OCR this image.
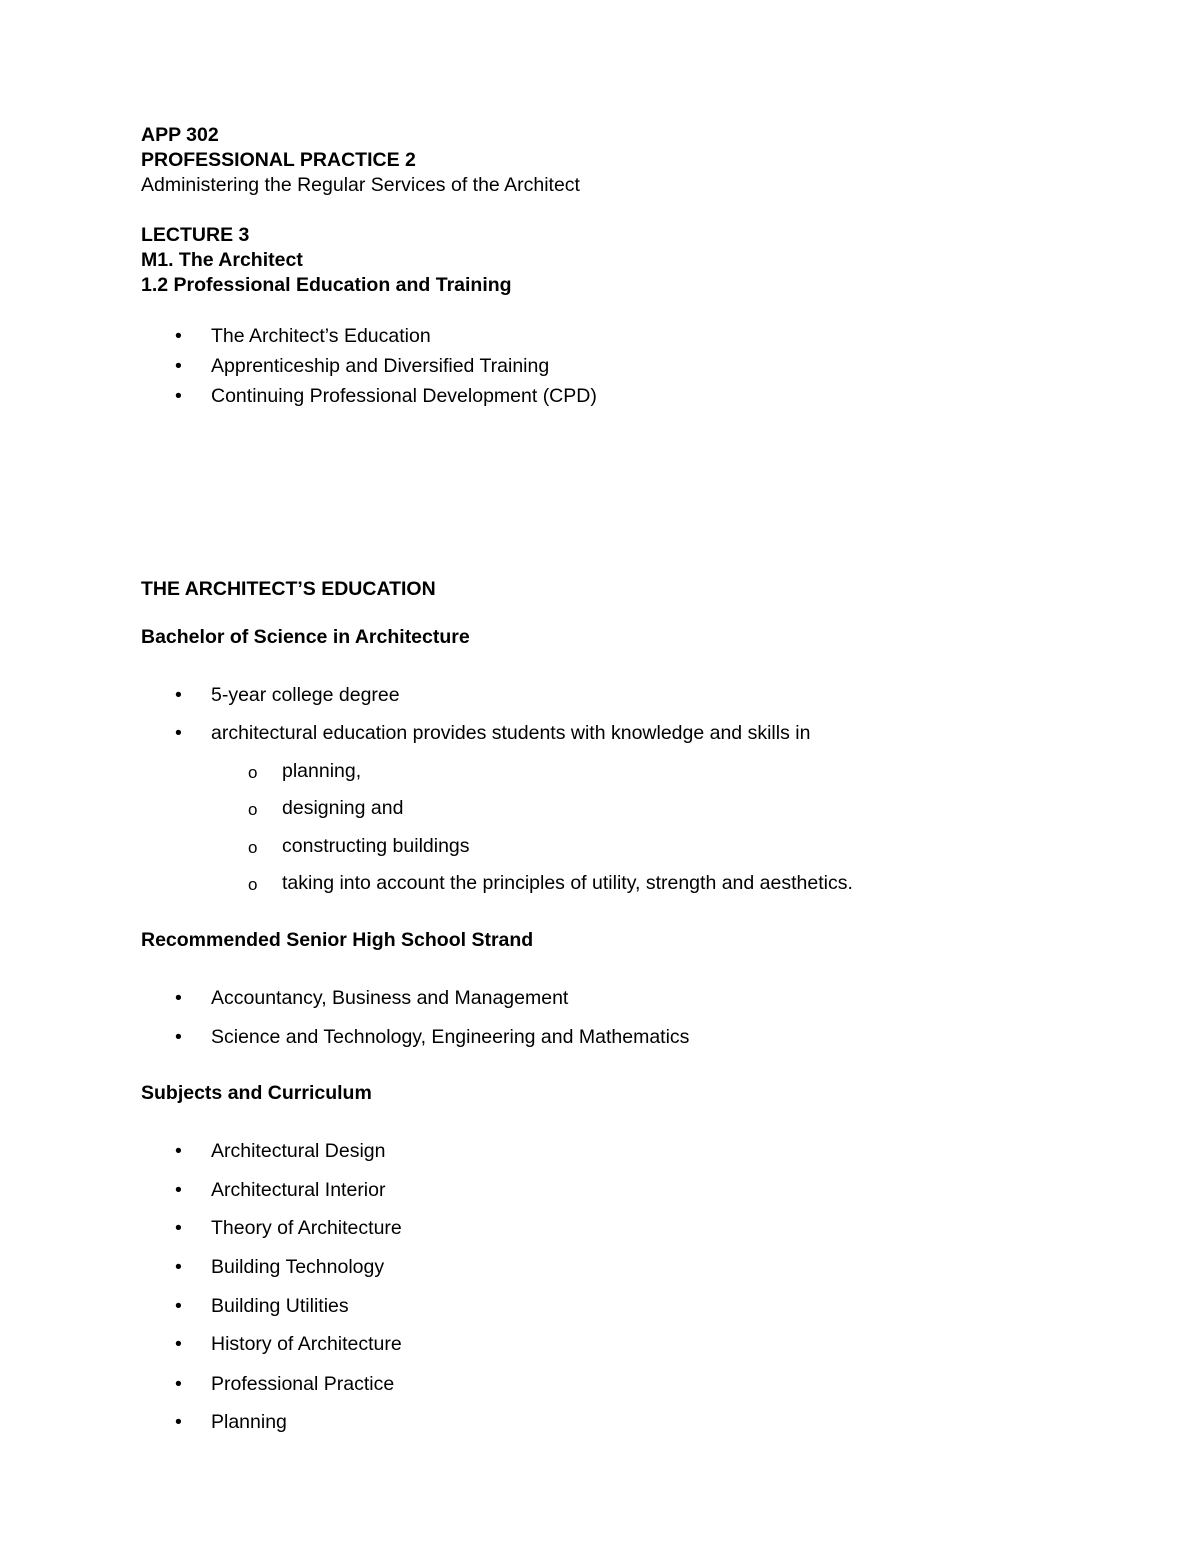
APP 302
PROFESSIONAL PRACTICE 2
Administering the Regular Services of the Architect
LECTURE 3
M1. The Architect
1.2 Professional Education and Training
• The Architect’s Education
• Apprenticeship and Diversified Training
• Continuing Professional Development (CPD)
THE ARCHITECT’S EDUCATION
Bachelor of Science in Architecture
• 5-year college degree
• architectural education provides students with knowledge and skills in
o planning,
o designing and
o constructing buildings
o taking into account the principles of utility, strength and aesthetics.
Recommended Senior High School Strand
• Accountancy, Business and Management
• Science and Technology, Engineering and Mathematics
Subjects and Curriculum
• Architectural Design
• Architectural Interior
• Theory of Architecture
• Building Technology
• Building Utilities
• History of Architecture
• Professional Practice
• Planning
